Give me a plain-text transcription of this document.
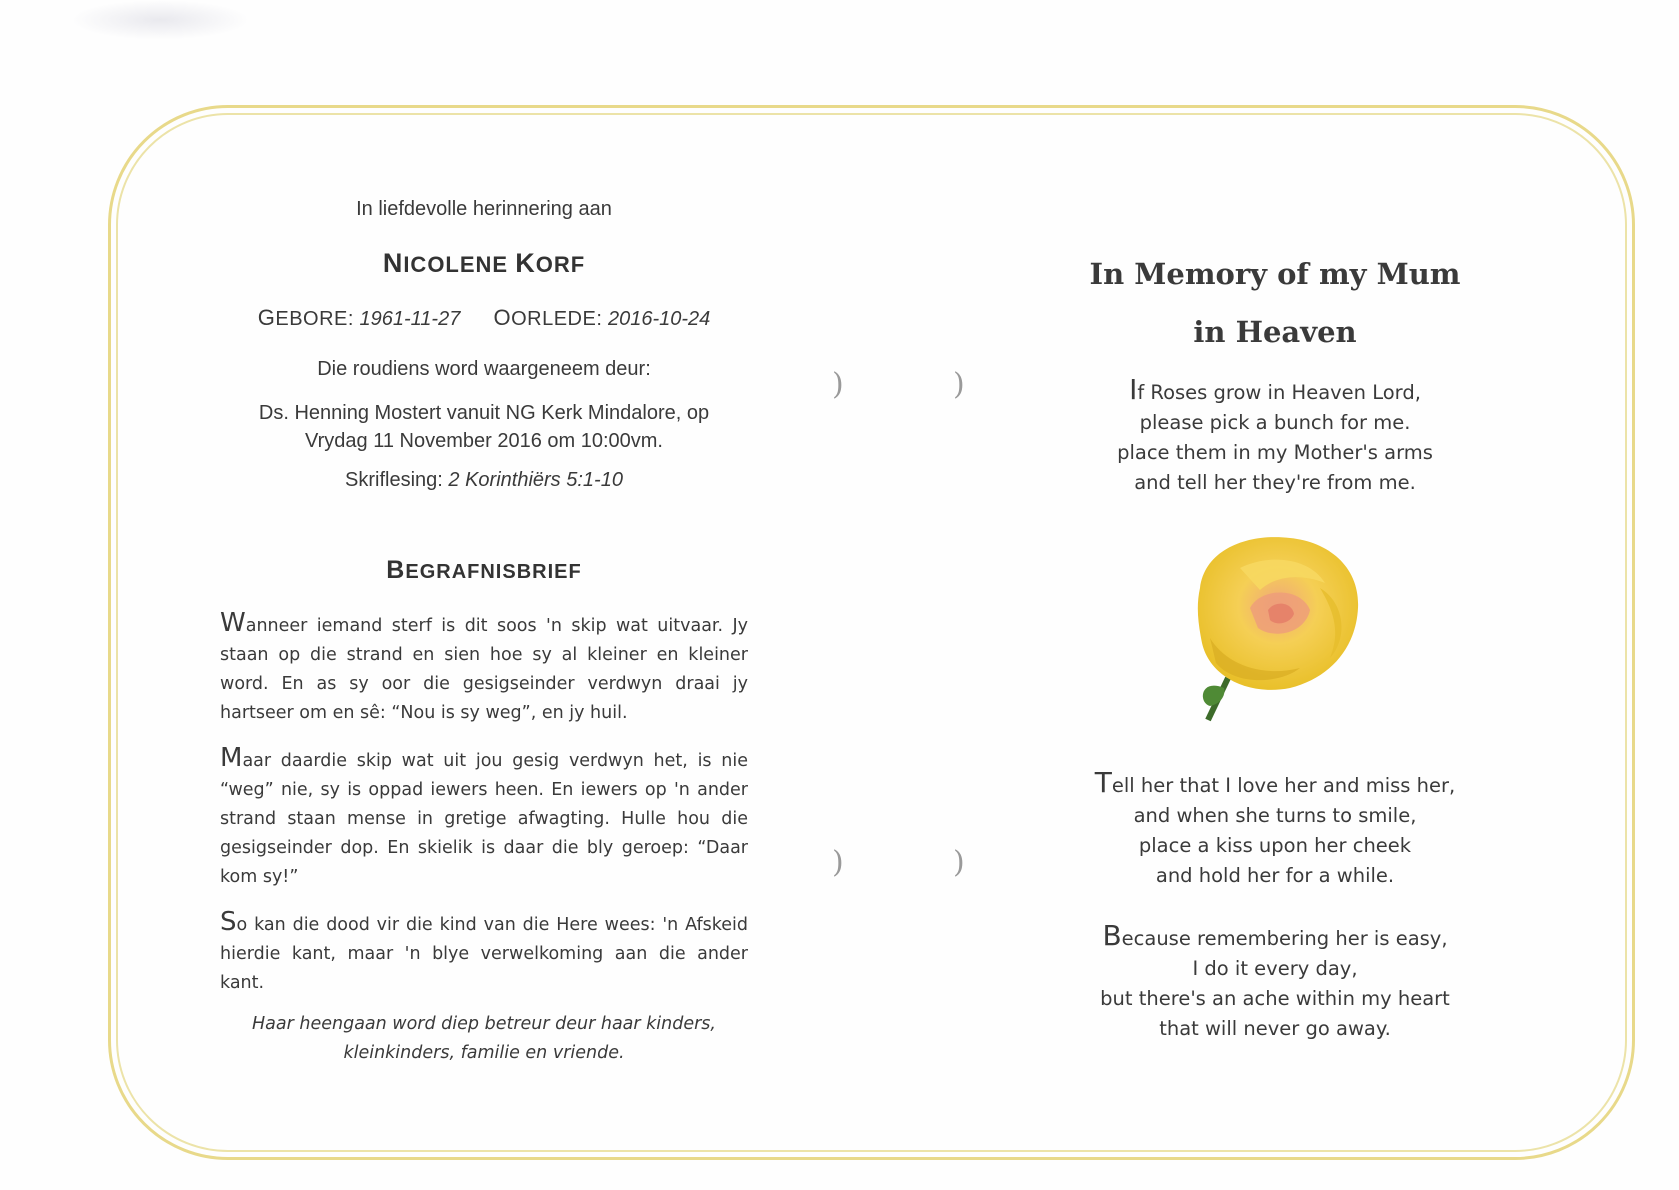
)	)
)	)
In liefdevolle herinnering aan
NICOLENE KORF
GEBORE: 1961-11-27 OORLEDE: 2016-10-24
Die roudiens word waargeneem deur:
Ds. Henning Mostert vanuit NG Kerk Mindalore, op
Vrydag 11 November 2016 om 10:00vm.
Skriflesing: 2 Korinthiërs 5:1-10
BEGRAFNISBRIEF
Wanneer iemand sterf is dit soos 'n skip wat uitvaar. Jy staan op die strand en sien hoe sy al kleiner en kleiner word. En as sy oor die gesigseinder verdwyn draai jy hartseer om en sê: “Nou is sy weg”, en jy huil.
Maar daardie skip wat uit jou gesig verdwyn het, is nie “weg” nie, sy is oppad iewers heen. En iewers op 'n ander strand staan mense in gretige afwagting. Hulle hou die gesigseinder dop. En skielik is daar die bly geroep: “Daar kom sy!”
So kan die dood vir die kind van die Here wees: 'n Afskeid hierdie kant, maar 'n blye verwelkoming aan die ander kant.
Haar heengaan word diep betreur deur haar kinders,
kleinkinders, familie en vriende.
In Memory of my Mum
in Heaven
If Roses grow in Heaven Lord,
please pick a bunch for me.
place them in my Mother's arms
and tell her they're from me.
Tell her that I love her and miss her,
and when she turns to smile,
place a kiss upon her cheek
and hold her for a while.
Because remembering her is easy,
I do it every day,
but there's an ache within my heart
that will never go away.
